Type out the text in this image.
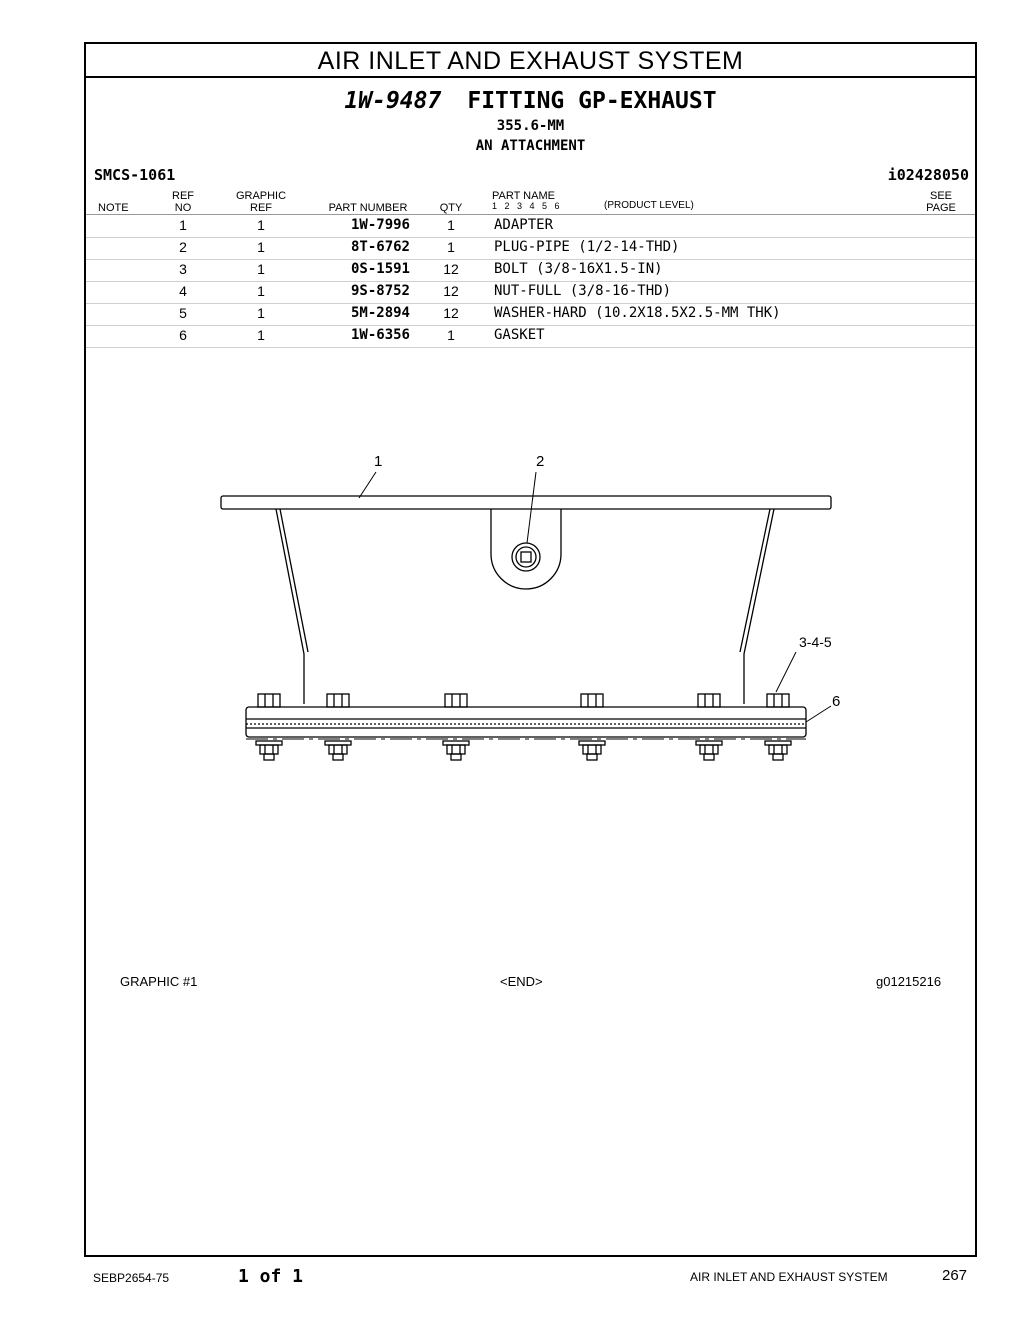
AIR INLET AND EXHAUST SYSTEM
1W-9487 FITTING GP-EXHAUST
355.6-MM
AN ATTACHMENT
SMCS-1061	i02428050
NOTE
REF
NO
GRAPHIC
REF	PART NUMBER	QTY
PART NAME
1 2 3 4 5 6	(PRODUCT LEVEL)
SEE
PAGE
1	1	1W-7996	1	ADAPTER
2	1	8T-6762	1	PLUG-PIPE (1/2-14-THD)
3	1	0S-1591	12	BOLT (3/8-16X1.5-IN)
4	1	9S-8752	12	NUT-FULL (3/8-16-THD)
5	1	5M-2894	12	WASHER-HARD (10.2X18.5X2.5-MM THK)
6	1	1W-6356	1	GASKET
1	2
3-4-5
6
GRAPHIC #1	<END>	g01215216
SEBP2654-75	1 of 1	AIR INLET AND EXHAUST SYSTEM	267
